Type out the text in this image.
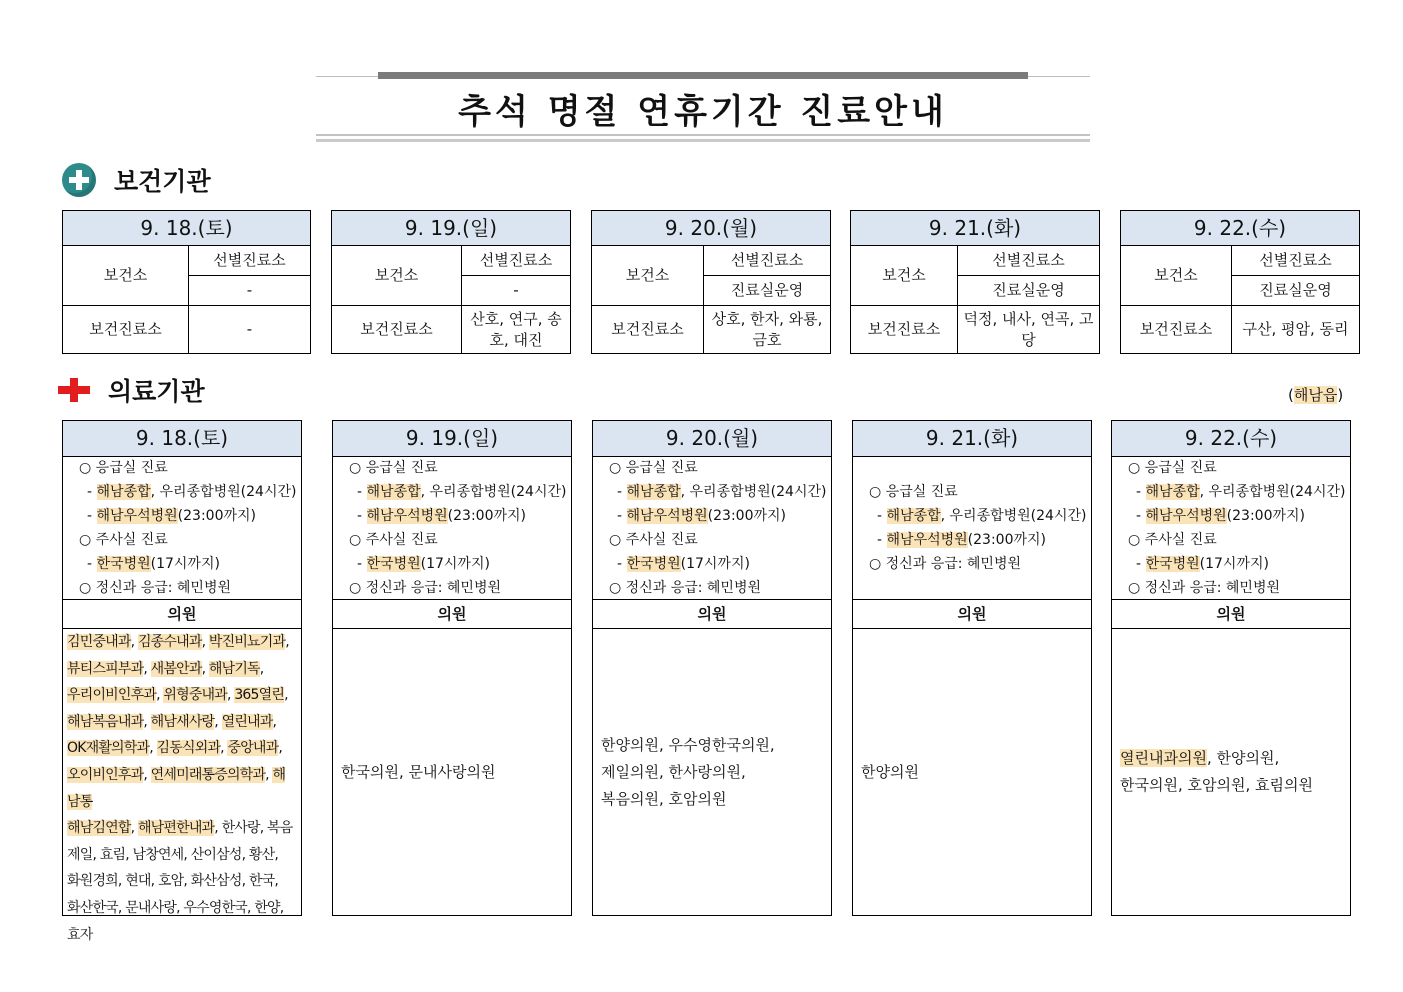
추석 명절 연휴기간 진료안내
보건기관
9. 18.(토)	
보건소	선별진료소
	-
보건진료소	-
9. 19.(일)	
보건소	선별진료소
	-
보건진료소	산호, 연구, 송호, 대진
9. 20.(월)	
보건소	선별진료소
	진료실운영
보건진료소	상호, 한자, 와룡, 금호
9. 21.(화)	
보건소	선별진료소
	진료실운영
보건진료소	덕정, 내사, 연곡, 고당
9. 22.(수)	
보건소	선별진료소
	진료실운영
보건진료소	구산, 평암, 동리
의료기관	(해남읍)
9. 18.(토)
○ 응급실 진료
- 해남종합, 우리종합병원(24시간)
- 해남우석병원(23:00까지)
○ 주사실 진료
- 한국병원(17시까지)
○ 정신과 응급: 혜민병원
의원
김민중내과, 김종수내과, 박진비뇨기과,
뷰티스피부과, 새봄안과, 해남기독,
우리이비인후과, 위형중내과, 365열린,
해남복음내과, 해남새사랑, 열린내과,
OK재활의학과, 김동식외과, 중앙내과,
오이비인후과, 연세미래통증의학과, 해남통
해남김연합, 해남편한내과, 한사랑, 복음
제일, 효림, 남창연세, 산이삼성, 황산,
화원경희, 현대, 호암, 화산삼성, 한국,
화산한국, 문내사랑, 우수영한국, 한양,
효자
9. 19.(일)
○ 응급실 진료
- 해남종합, 우리종합병원(24시간)
- 해남우석병원(23:00까지)
○ 주사실 진료
- 한국병원(17시까지)
○ 정신과 응급: 혜민병원
의원
한국의원, 문내사랑의원
9. 20.(월)
○ 응급실 진료
- 해남종합, 우리종합병원(24시간)
- 해남우석병원(23:00까지)
○ 주사실 진료
- 한국병원(17시까지)
○ 정신과 응급: 혜민병원
의원
한양의원, 우수영한국의원,
제일의원, 한사랑의원,
복음의원, 호암의원
9. 21.(화)
○ 응급실 진료
- 해남종합, 우리종합병원(24시간)
- 해남우석병원(23:00까지)
○ 정신과 응급: 혜민병원
의원
한양의원
9. 22.(수)
○ 응급실 진료
- 해남종합, 우리종합병원(24시간)
- 해남우석병원(23:00까지)
○ 주사실 진료
- 한국병원(17시까지)
○ 정신과 응급: 혜민병원
의원
열린내과의원, 한양의원,
한국의원, 호암의원, 효림의원
